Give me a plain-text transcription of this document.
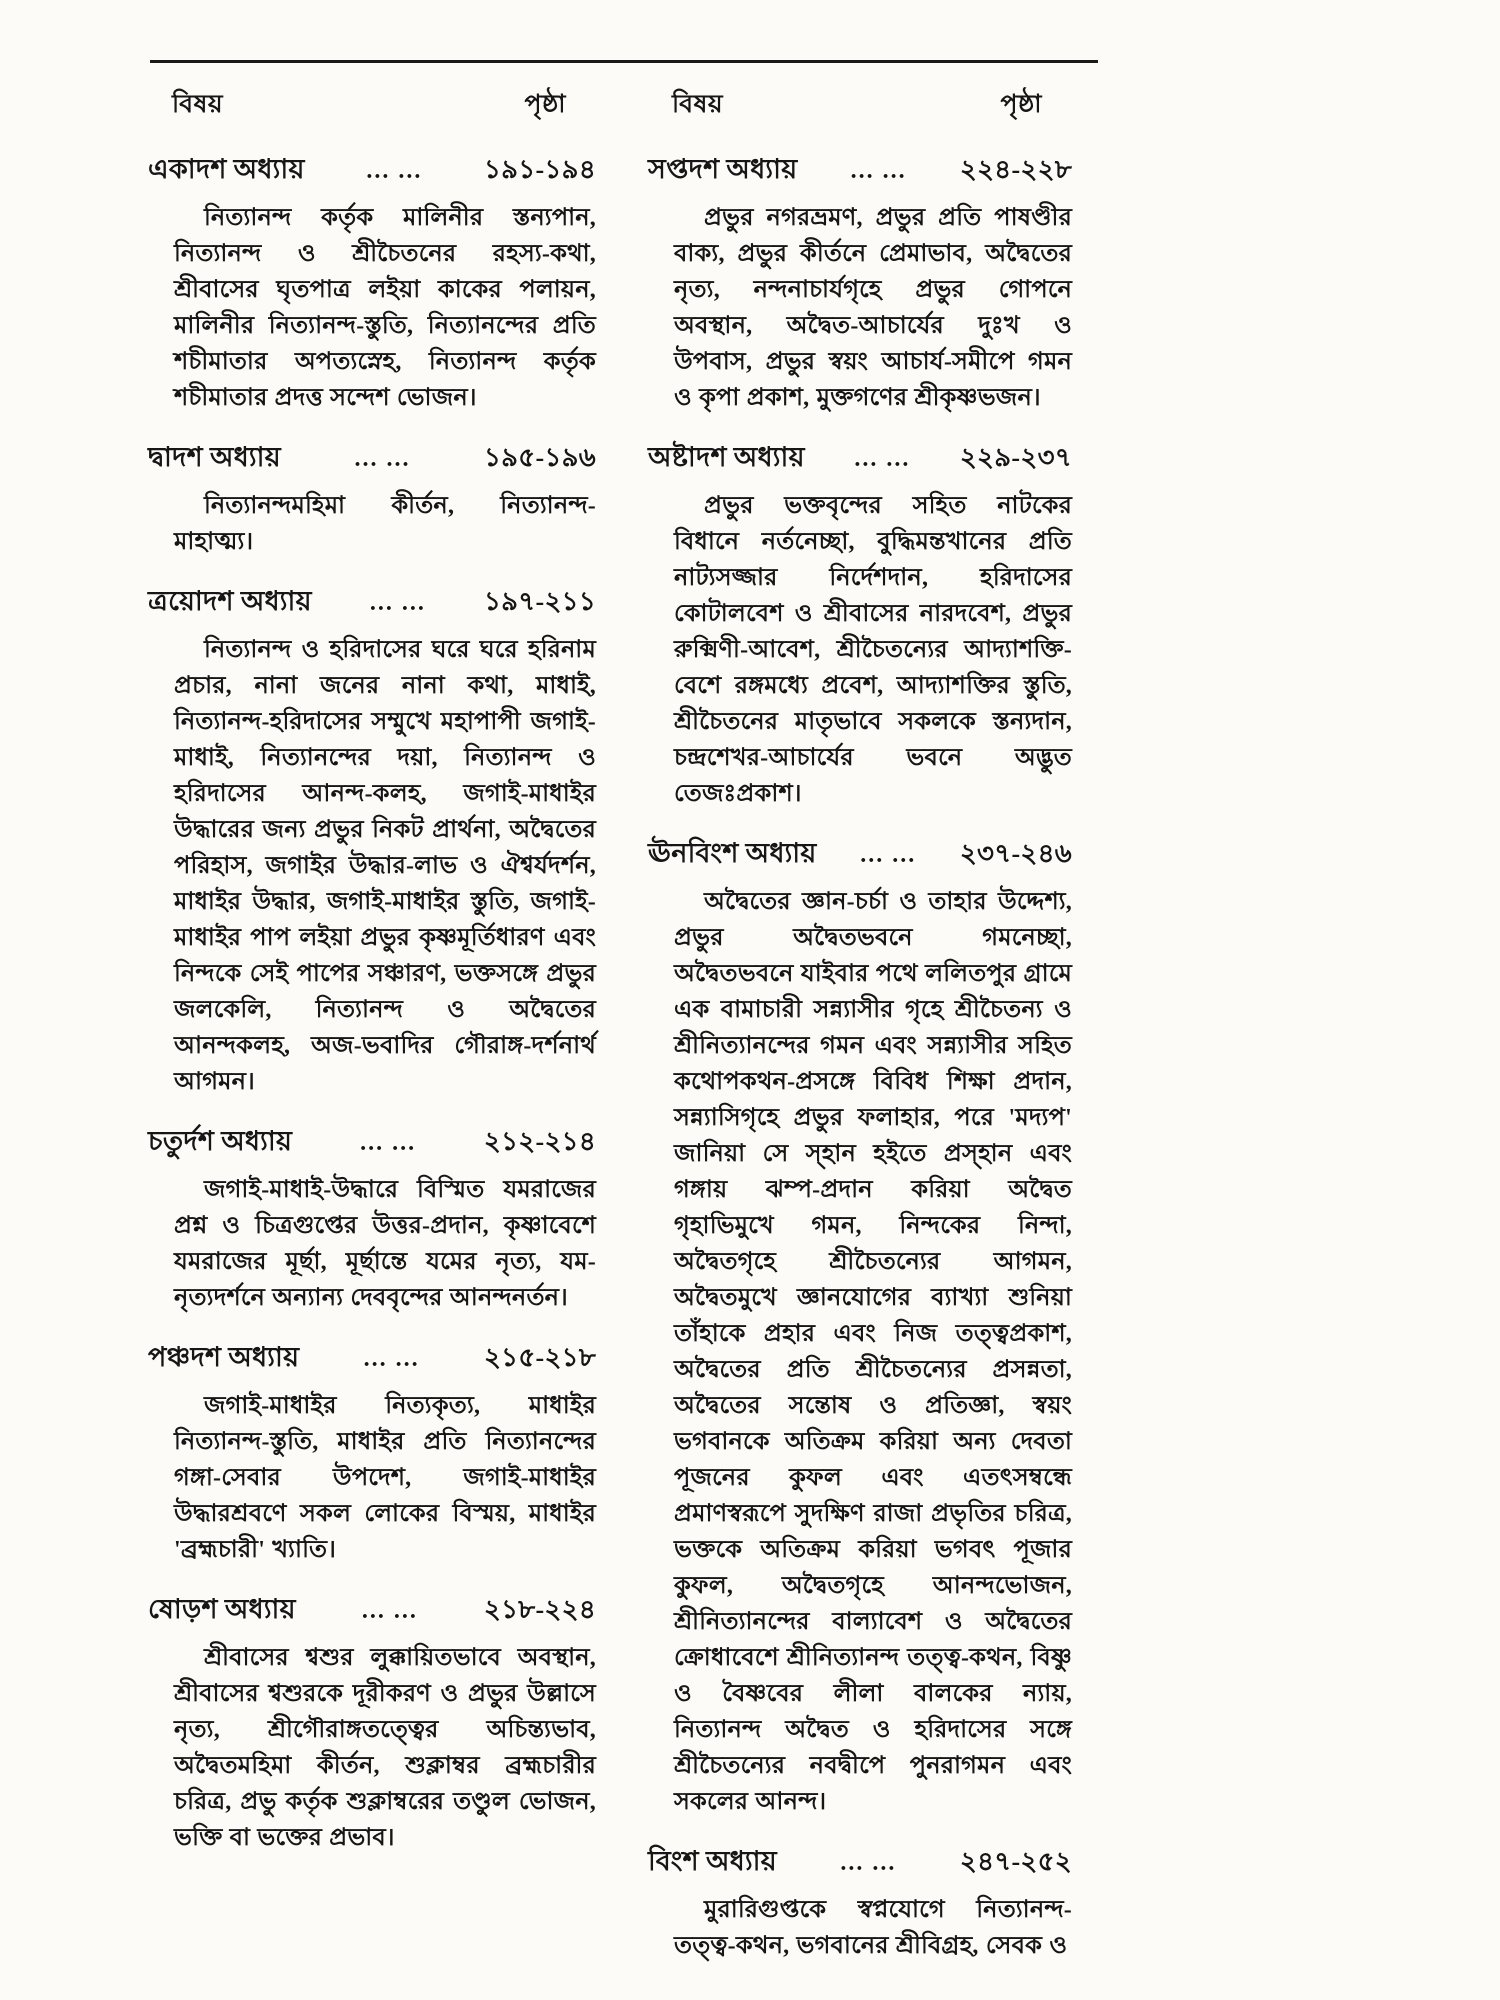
বিষয়	পৃষ্ঠা
একাদশ অধ্যায়	... ...	১৯১-১৯৪

নিত্যানন্দ কর্তৃক মালিনীর স্তন্যপান, নিত্যানন্দ ও শ্রীচৈতনের রহস্য-কথা, শ্রীবাসের ঘৃতপাত্র লইয়া কাকের পলায়ন, মালিনীর নিত্যানন্দ-স্তুতি, নিত্যানন্দের প্রতি শচীমাতার অপত্যস্নেহ, নিত্যানন্দ কর্তৃক শচীমাতার প্রদত্ত সন্দেশ ভোজন।

দ্বাদশ অধ্যায়	... ...	১৯৫-১৯৬

নিত্যানন্দমহিমা কীর্তন, নিত্যানন্দ-মাহাত্ম্য।

ত্রয়োদশ অধ্যায়	... ...	১৯৭-২১১

নিত্যানন্দ ও হরিদাসের ঘরে ঘরে হরিনাম প্রচার, নানা জনের নানা কথা, মাধাই, নিত্যানন্দ-হরিদাসের সম্মুখে মহাপাপী জগাই-মাধাই, নিত্যানন্দের দয়া, নিত্যানন্দ ও হরিদাসের আনন্দ-কলহ, জগাই-মাধাইর উদ্ধারের জন্য প্রভুর নিকট প্রার্থনা, অদ্বৈতের পরিহাস, জগাইর উদ্ধার-লাভ ও ঐশ্বর্যদর্শন, মাধাইর উদ্ধার, জগাই-মাধাইর স্তুতি, জগাই-মাধাইর পাপ লইয়া প্রভুর কৃষ্ণমূর্তিধারণ এবং নিন্দকে সেই পাপের সঞ্চারণ, ভক্তসঙ্গে প্রভুর জলকেলি, নিত্যানন্দ ও অদ্বৈতের আনন্দকলহ, অজ-ভবাদির গৌরাঙ্গ-দর্শনার্থ আগমন।

চতুর্দশ অধ্যায়	... ...	২১২-২১৪

জগাই-মাধাই-উদ্ধারে বিস্মিত যমরাজের প্রশ্ন ও চিত্রগুপ্তের উত্তর-প্রদান, কৃষ্ণাবেশে যমরাজের মূর্ছা, মূর্ছান্তে যমের নৃত্য, যম-নৃত্যদর্শনে অন্যান্য দেববৃন্দের আনন্দনর্তন।

পঞ্চদশ অধ্যায়	... ...	২১৫-২১৮

জগাই-মাধাইর নিত্যকৃত্য, মাধাইর নিত্যানন্দ-স্তুতি, মাধাইর প্রতি নিত্যানন্দের গঙ্গা-সেবার উপদেশ, জগাই-মাধাইর উদ্ধারশ্রবণে সকল লোকের বিস্ময়, মাধাইর 'ব্রহ্মচারী' খ্যাতি।

ষোড়শ অধ্যায়	... ...	২১৮-২২৪

শ্রীবাসের শ্বশুর লুক্কায়িতভাবে অবস্থান, শ্রীবাসের শ্বশুরকে দূরীকরণ ও প্রভুর উল্লাসে নৃত্য, শ্রীগৌরাঙ্গতত্ত্বের অচিন্ত্যভাব, অদ্বৈতমহিমা কীর্তন, শুক্লাম্বর ব্রহ্মচারীর চরিত্র, প্রভু কর্তৃক শুক্লাম্বরের তণ্ডুল ভোজন, ভক্তি বা ভক্তের প্রভাব।

বিষয়	পৃষ্ঠা
সপ্তদশ অধ্যায়	... ...	২২৪-২২৮

প্রভুর নগরভ্রমণ, প্রভুর প্রতি পাষণ্ডীর বাক্য, প্রভুর কীর্তনে প্রেমাভাব, অদ্বৈতের নৃত্য, নন্দনাচার্যগৃহে প্রভুর গোপনে অবস্থান, অদ্বৈত-আচার্যের দুঃখ ও উপবাস, প্রভুর স্বয়ং আচার্য-সমীপে গমন ও কৃপা প্রকাশ, মুক্তগণের শ্রীকৃষ্ণভজন।

অষ্টাদশ অধ্যায়	... ...	২২৯-২৩৭

প্রভুর ভক্তবৃন্দের সহিত নাটকের বিধানে নর্তনেচ্ছা, বুদ্ধিমন্তখানের প্রতি নাট্যসজ্জার নির্দেশদান, হরিদাসের কোটালবেশ ও শ্রীবাসের নারদবেশ, প্রভুর রুক্মিণী-আবেশ, শ্রীচৈতন্যের আদ্যাশক্তি-বেশে রঙ্গমধ্যে প্রবেশ, আদ্যাশক্তির স্তুতি, শ্রীচৈতনের মাতৃভাবে সকলকে স্তন্যদান, চন্দ্রশেখর-আচার্যের ভবনে অদ্ভুত তেজঃপ্রকাশ।

ঊনবিংশ অধ্যায়	... ...	২৩৭-২৪৬

অদ্বৈতের জ্ঞান-চর্চা ও তাহার উদ্দেশ্য, প্রভুর অদ্বৈতভবনে গমনেচ্ছা, অদ্বৈতভবনে যাইবার পথে ললিতপুর গ্রামে এক বামাচারী সন্ন্যাসীর গৃহে শ্রীচৈতন্য ও শ্রীনিত্যানন্দের গমন এবং সন্ন্যাসীর সহিত কথোপকথন-প্রসঙ্গে বিবিধ শিক্ষা প্রদান, সন্ন্যাসিগৃহে প্রভুর ফলাহার, পরে 'মদ্যপ' জানিয়া সে স্হান হইতে প্রস্হান এবং গঙ্গায় ঝম্প-প্রদান করিয়া অদ্বৈত গৃহাভিমুখে গমন, নিন্দকের নিন্দা, অদ্বৈতগৃহে শ্রীচৈতন্যের আগমন, অদ্বৈতমুখে জ্ঞানযোগের ব্যাখ্যা শুনিয়া তাঁহাকে প্রহার এবং নিজ তত্ত্বপ্রকাশ, অদ্বৈতের প্রতি শ্রীচৈতন্যের প্রসন্নতা, অদ্বৈতের সন্তোষ ও প্রতিজ্ঞা, স্বয়ং ভগবানকে অতিক্রম করিয়া অন্য দেবতা পূজনের কুফল এবং এতৎসম্বন্ধে প্রমাণস্বরূপে সুদক্ষিণ রাজা প্রভৃতির চরিত্র, ভক্তকে অতিক্রম করিয়া ভগবৎ পূজার কুফল, অদ্বৈতগৃহে আনন্দভোজন, শ্রীনিত্যানন্দের বাল্যাবেশ ও অদ্বৈতের ক্রোধাবেশে শ্রীনিত্যানন্দ তত্ত্ব-কথন, বিষ্ণু ও বৈষ্ণবের লীলা বালকের ন্যায়, নিত্যানন্দ অদ্বৈত ও হরিদাসের সঙ্গে শ্রীচৈতন্যের নবদ্বীপে পুনরাগমন এবং সকলের আনন্দ।

বিংশ অধ্যায়	... ...	২৪৭-২৫২

মুরারিগুপ্তকে স্বপ্নযোগে নিত্যানন্দ-তত্ত্ব-কথন, ভগবানের শ্রীবিগ্রহ, সেবক ও
